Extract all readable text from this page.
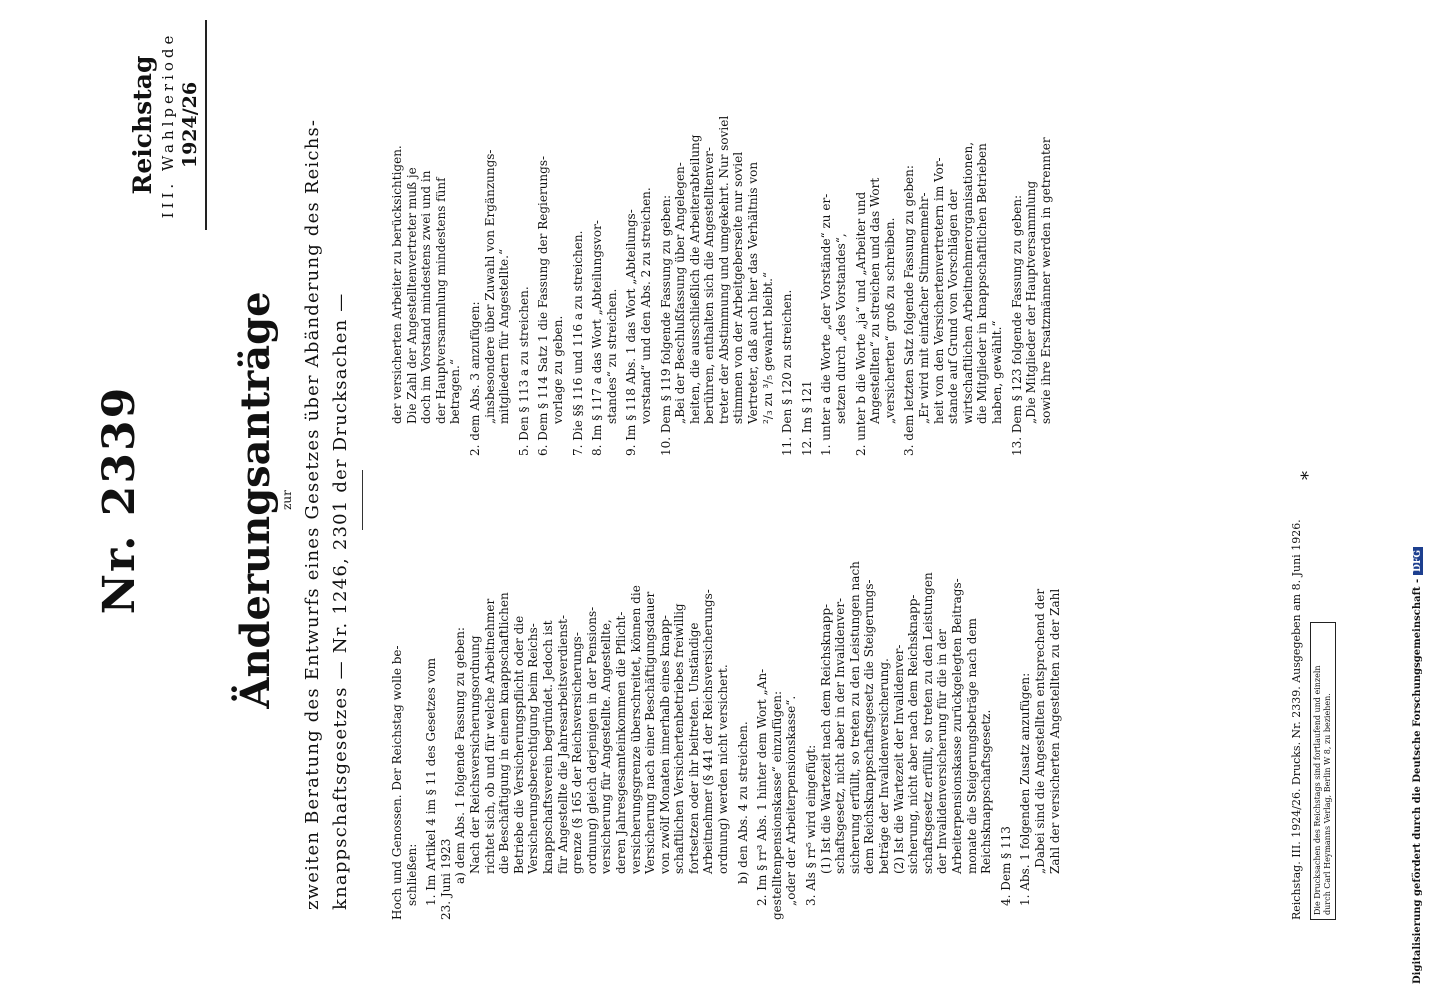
Nr. 2339
Reichstag III. Wahlperiode 1924/26
Änderungsanträge zur zweiten Beratung des Entwurfs eines Gesetzes über Abänderung des Reichs- knappschaftsgesetzes — Nr. 1246, 2301 der Drucksachen —	Hoch und Genossen. Der Reichstag wolle be- schließen: 1. Im Artikel 4 im § 11 des Gesetzes vom 23. Juni 1923 a) dem Abs. 1 folgende Fassung zu geben: Nach der Reichsversicherungsordnung richtet sich, ob und für welche Arbeitnehmer die Beschäftigung in einem knappschaftlichen Betriebe die Versicherungspflicht oder die Versicherungsberechtigung beim Reichs- knappschaftsverein begründet. Jedoch ist für Angestellte die Jahresarbeitsverdienst- grenze (§ 165 der Reichsversicherungs- ordnung) gleich derjenigen in der Pensions- versicherung für Angestellte. Angestellte, deren Jahresgesamteinkommen die Pflicht- versicherungsgrenze überschreitet, können die Versicherung nach einer Beschäftigungsdauer von zwölf Monaten innerhalb eines knapp- schaftlichen Versichertenbetriebes freiwillig fortsetzen oder ihr beitreten. Unständige Arbeitnehmer (§ 441 der Reichsversicherungs- ordnung) werden nicht versichert. b) den Abs. 4 zu streichen. 2. Im § rr³ Abs. 1 hinter dem Wort „An- gestelltenpensionskasse“ einzufügen: „oder der Arbeiterpensionskasse“. 3. Als § rr⁵ wird eingefügt: (1) Ist die Wartezeit nach dem Reichsknapp- schaftsgesetz, nicht aber in der Invalidenver- sicherung erfüllt, so treten zu den Leistungen nach dem Reichsknappschaftsgesetz die Steigerungs- beträge der Invalidenversicherung. (2) Ist die Wartezeit der Invalidenver- sicherung, nicht aber nach dem Reichsknapp- schaftsgesetz erfüllt, so treten zu den Leistungen der Invalidenversicherung für die in der Arbeiterpensionskasse zurückgelegten Beitrags- monate die Steigerungsbeträge nach dem Reichsknappschaftsgesetz. 4. Dem § 113 1. Abs. 1 folgenden Zusatz anzufügen: „Dabei sind die Angestellten entsprechend der Zahl der versicherten Angestellten zu der Zahl

der versicherten Arbeiter zu berücksichtigen. Die Zahl der Angestelltenvertreter muß je doch im Vorstand mindestens zwei und in der Hauptversammlung mindestens fünf betragen.“ 2. dem Abs. 3 anzufügen: „insbesondere über Zuwahl von Ergänzungs- mitgliedern für Angestellte.“ 5. Den § 113 a zu streichen. 6. Dem § 114 Satz 1 die Fassung der Regierungs- vorlage zu geben. 7. Die §§ 116 und 116 a zu streichen. 8. Im § 117 a das Wort „Abteilungsvor- standes“ zu streichen. 9. Im § 118 Abs. 1 das Wort „Abteilungs- vorstand“ und den Abs. 2 zu streichen. 10. Dem § 119 folgende Fassung zu geben: „Bei der Beschlußfassung über Angelegen- heiten, die ausschließlich die Arbeiterabteilung berühren, enthalten sich die Angestelltenver- treter der Abstimmung und umgekehrt. Nur soviel stimmen von der Arbeitgeberseite nur soviel Vertreter, daß auch hier das Verhältnis von ²/₃ zu ³/₅ gewahrt bleibt.“ 11. Den § 120 zu streichen. 12. Im § 121 1. unter a die Worte „der Vorstände“ zu er- setzen durch „des Vorstandes“, 2. unter b die Worte „ja“ und „Arbeiter und Angestellten“ zu streichen und das Wort „versicherten“ groß zu schreiben. 3. dem letzten Satz folgende Fassung zu geben: „Er wird mit einfacher Stimmenmehr- heit von den Versichertenvertretern im Vor- stande auf Grund von Vorschlägen der wirtschaftlichen Arbeitnehmerorganisationen, die Mitglieder in knappschaftlichen Betrieben haben, gewählt.“ 13. Dem § 123 folgende Fassung zu geben: „Die Mitglieder der Hauptversammlung sowie ihre Ersatzmänner werden in getrennter

Reichstag. III. 1924/26. Drucks. Nr. 2339. Ausgegeben am 8. Juni 1926.
*
Die Drucksachen des Reichstags sind fortlaufend und einzeln durch Carl Heymanns Verlag, Berlin W 8, zu beziehen.	Digitalisierung gefördert durch die Deutsche Forschungsgemeinschaft -DFG
